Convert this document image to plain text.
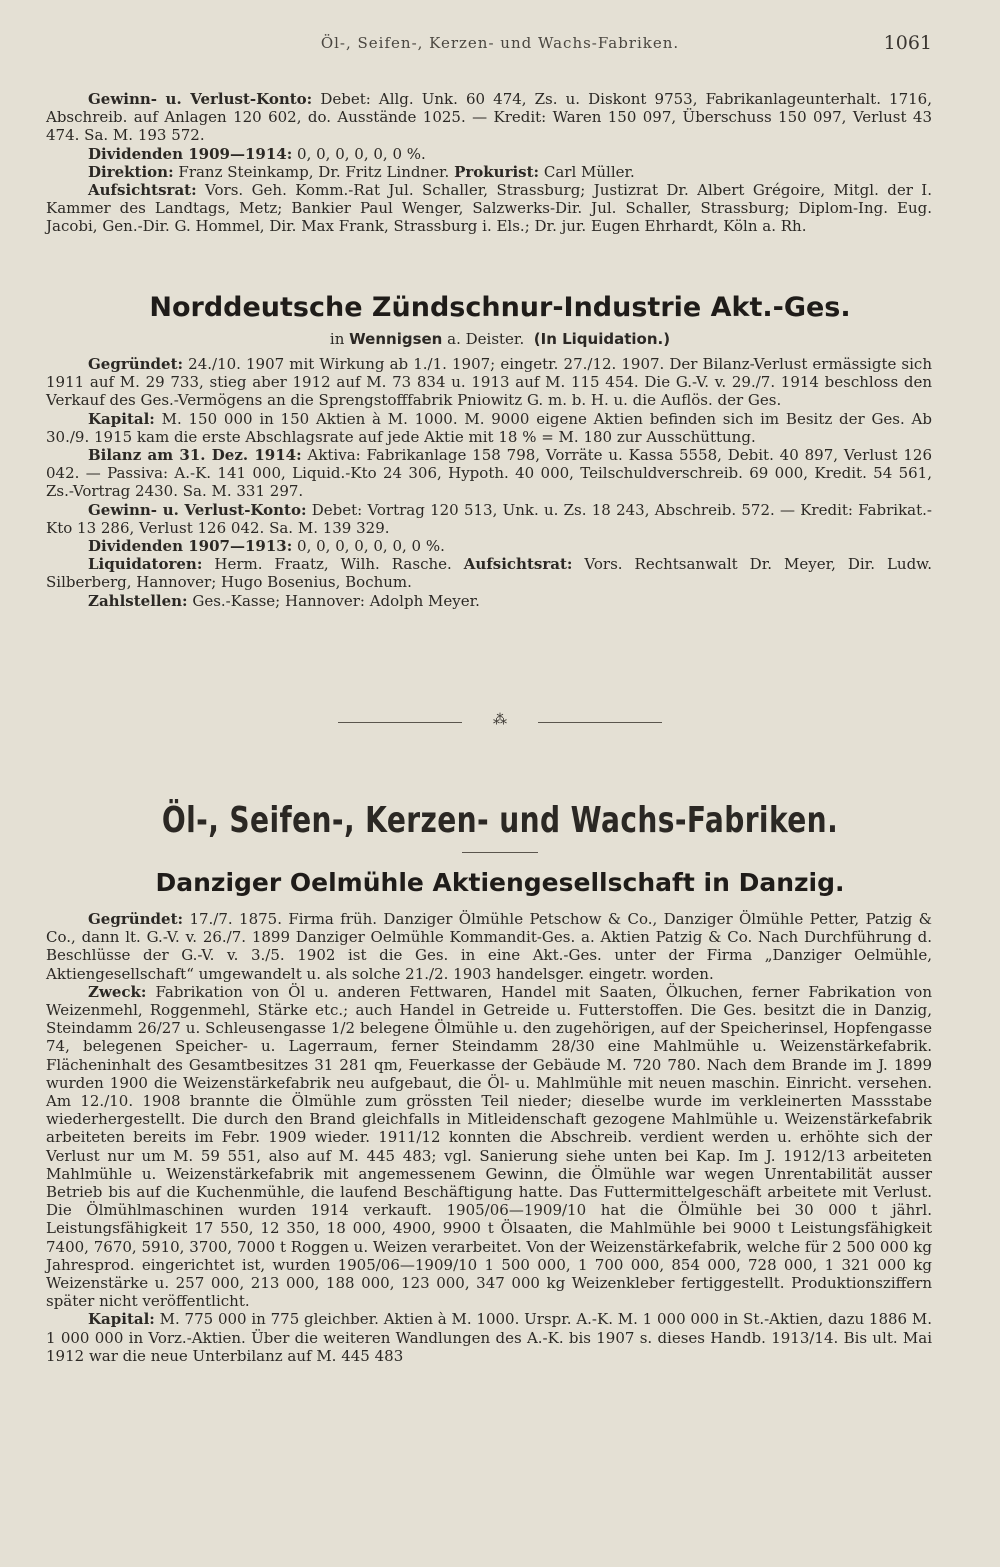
Öl-, Seifen-, Kerzen- und Wachs-Fabriken.	1061

Gewinn- u. Verlust-Konto: Debet: Allg. Unk. 60 474, Zs. u. Diskont 9753, Fabrikanlageunterhalt. 1716, Abschreib. auf Anlagen 120 602, do. Ausstände 1025. — Kredit: Waren 150 097, Überschuss 150 097, Verlust 43 474. Sa. M. 193 572.

Dividenden 1909—1914: 0, 0, 0, 0, 0, 0 %.

Direktion: Franz Steinkamp, Dr. Fritz Lindner. Prokurist: Carl Müller.

Aufsichtsrat: Vors. Geh. Komm.-Rat Jul. Schaller, Strassburg; Justizrat Dr. Albert Grégoire, Mitgl. der I. Kammer des Landtags, Metz; Bankier Paul Wenger, Salzwerks-Dir. Jul. Schaller, Strassburg; Diplom-Ing. Eug. Jacobi, Gen.-Dir. G. Hommel, Dir. Max Frank, Strassburg i. Els.; Dr. jur. Eugen Ehrhardt, Köln a. Rh.

Norddeutsche Zündschnur-Industrie Akt.-Ges.
in Wennigsen a. Deister. (In Liquidation.)

Gegründet: 24./10. 1907 mit Wirkung ab 1./1. 1907; eingetr. 27./12. 1907. Der Bilanz-Verlust ermässigte sich 1911 auf M. 29 733, stieg aber 1912 auf M. 73 834 u. 1913 auf M. 115 454. Die G.-V. v. 29./7. 1914 beschloss den Verkauf des Ges.-Vermögens an die Sprengstofffabrik Pniowitz G. m. b. H. u. die Auflös. der Ges.

Kapital: M. 150 000 in 150 Aktien à M. 1000. M. 9000 eigene Aktien befinden sich im Besitz der Ges. Ab 30./9. 1915 kam die erste Abschlagsrate auf jede Aktie mit 18 % = M. 180 zur Ausschüttung.

Bilanz am 31. Dez. 1914: Aktiva: Fabrikanlage 158 798, Vorräte u. Kassa 5558, Debit. 40 897, Verlust 126 042. — Passiva: A.-K. 141 000, Liquid.-Kto 24 306, Hypoth. 40 000, Teilschuldverschreib. 69 000, Kredit. 54 561, Zs.-Vortrag 2430. Sa. M. 331 297.

Gewinn- u. Verlust-Konto: Debet: Vortrag 120 513, Unk. u. Zs. 18 243, Abschreib. 572. — Kredit: Fabrikat.-Kto 13 286, Verlust 126 042. Sa. M. 139 329.

Dividenden 1907—1913: 0, 0, 0, 0, 0, 0, 0 %.

Liquidatoren: Herm. Fraatz, Wilh. Rasche. Aufsichtsrat: Vors. Rechtsanwalt Dr. Meyer, Dir. Ludw. Silberberg, Hannover; Hugo Bosenius, Bochum.

Zahlstellen: Ges.-Kasse; Hannover: Adolph Meyer.

⁂
Öl-, Seifen-, Kerzen- und Wachs-Fabriken.
Danziger Oelmühle Aktiengesellschaft in Danzig.

Gegründet: 17./7. 1875. Firma früh. Danziger Ölmühle Petschow & Co., Danziger Ölmühle Petter, Patzig & Co., dann lt. G.-V. v. 26./7. 1899 Danziger Oelmühle Kommandit-Ges. a. Aktien Patzig & Co. Nach Durchführung d. Beschlüsse der G.-V. v. 3./5. 1902 ist die Ges. in eine Akt.-Ges. unter der Firma „Danziger Oelmühle, Aktiengesellschaft“ umgewandelt u. als solche 21./2. 1903 handelsger. eingetr. worden.

Zweck: Fabrikation von Öl u. anderen Fettwaren, Handel mit Saaten, Ölkuchen, ferner Fabrikation von Weizenmehl, Roggenmehl, Stärke etc.; auch Handel in Getreide u. Futterstoffen. Die Ges. besitzt die in Danzig, Steindamm 26/27 u. Schleusengasse 1/2 belegene Ölmühle u. den zugehörigen, auf der Speicherinsel, Hopfengasse 74, belegenen Speicher- u. Lagerraum, ferner Steindamm 28/30 eine Mahlmühle u. Weizenstärkefabrik. Flächeninhalt des Gesamtbesitzes 31 281 qm, Feuerkasse der Gebäude M. 720 780. Nach dem Brande im J. 1899 wurden 1900 die Weizenstärkefabrik neu aufgebaut, die Öl- u. Mahlmühle mit neuen maschin. Einricht. versehen. Am 12./10. 1908 brannte die Ölmühle zum grössten Teil nieder; dieselbe wurde im verkleinerten Massstabe wiederhergestellt. Die durch den Brand gleichfalls in Mitleidenschaft gezogene Mahlmühle u. Weizenstärkefabrik arbeiteten bereits im Febr. 1909 wieder. 1911/12 konnten die Abschreib. verdient werden u. erhöhte sich der Verlust nur um M. 59 551, also auf M. 445 483; vgl. Sanierung siehe unten bei Kap. Im J. 1912/13 arbeiteten Mahlmühle u. Weizenstärkefabrik mit angemessenem Gewinn, die Ölmühle war wegen Unrentabilität ausser Betrieb bis auf die Kuchenmühle, die laufend Beschäftigung hatte. Das Futtermittelgeschäft arbeitete mit Verlust. Die Ölmühlmaschinen wurden 1914 verkauft. 1905/06—1909/10 hat die Ölmühle bei 30 000 t jährl. Leistungsfähigkeit 17 550, 12 350, 18 000, 4900, 9900 t Ölsaaten, die Mahlmühle bei 9000 t Leistungsfähigkeit 7400, 7670, 5910, 3700, 7000 t Roggen u. Weizen verarbeitet. Von der Weizenstärkefabrik, welche für 2 500 000 kg Jahresprod. eingerichtet ist, wurden 1905/06—1909/10 1 500 000, 1 700 000, 854 000, 728 000, 1 321 000 kg Weizenstärke u. 257 000, 213 000, 188 000, 123 000, 347 000 kg Weizenkleber fertiggestellt. Produktionsziffern später nicht veröffentlicht.

Kapital: M. 775 000 in 775 gleichber. Aktien à M. 1000. Urspr. A.-K. M. 1 000 000 in St.-Aktien, dazu 1886 M. 1 000 000 in Vorz.-Aktien. Über die weiteren Wandlungen des A.-K. bis 1907 s. dieses Handb. 1913/14. Bis ult. Mai 1912 war die neue Unterbilanz auf M. 445 483
